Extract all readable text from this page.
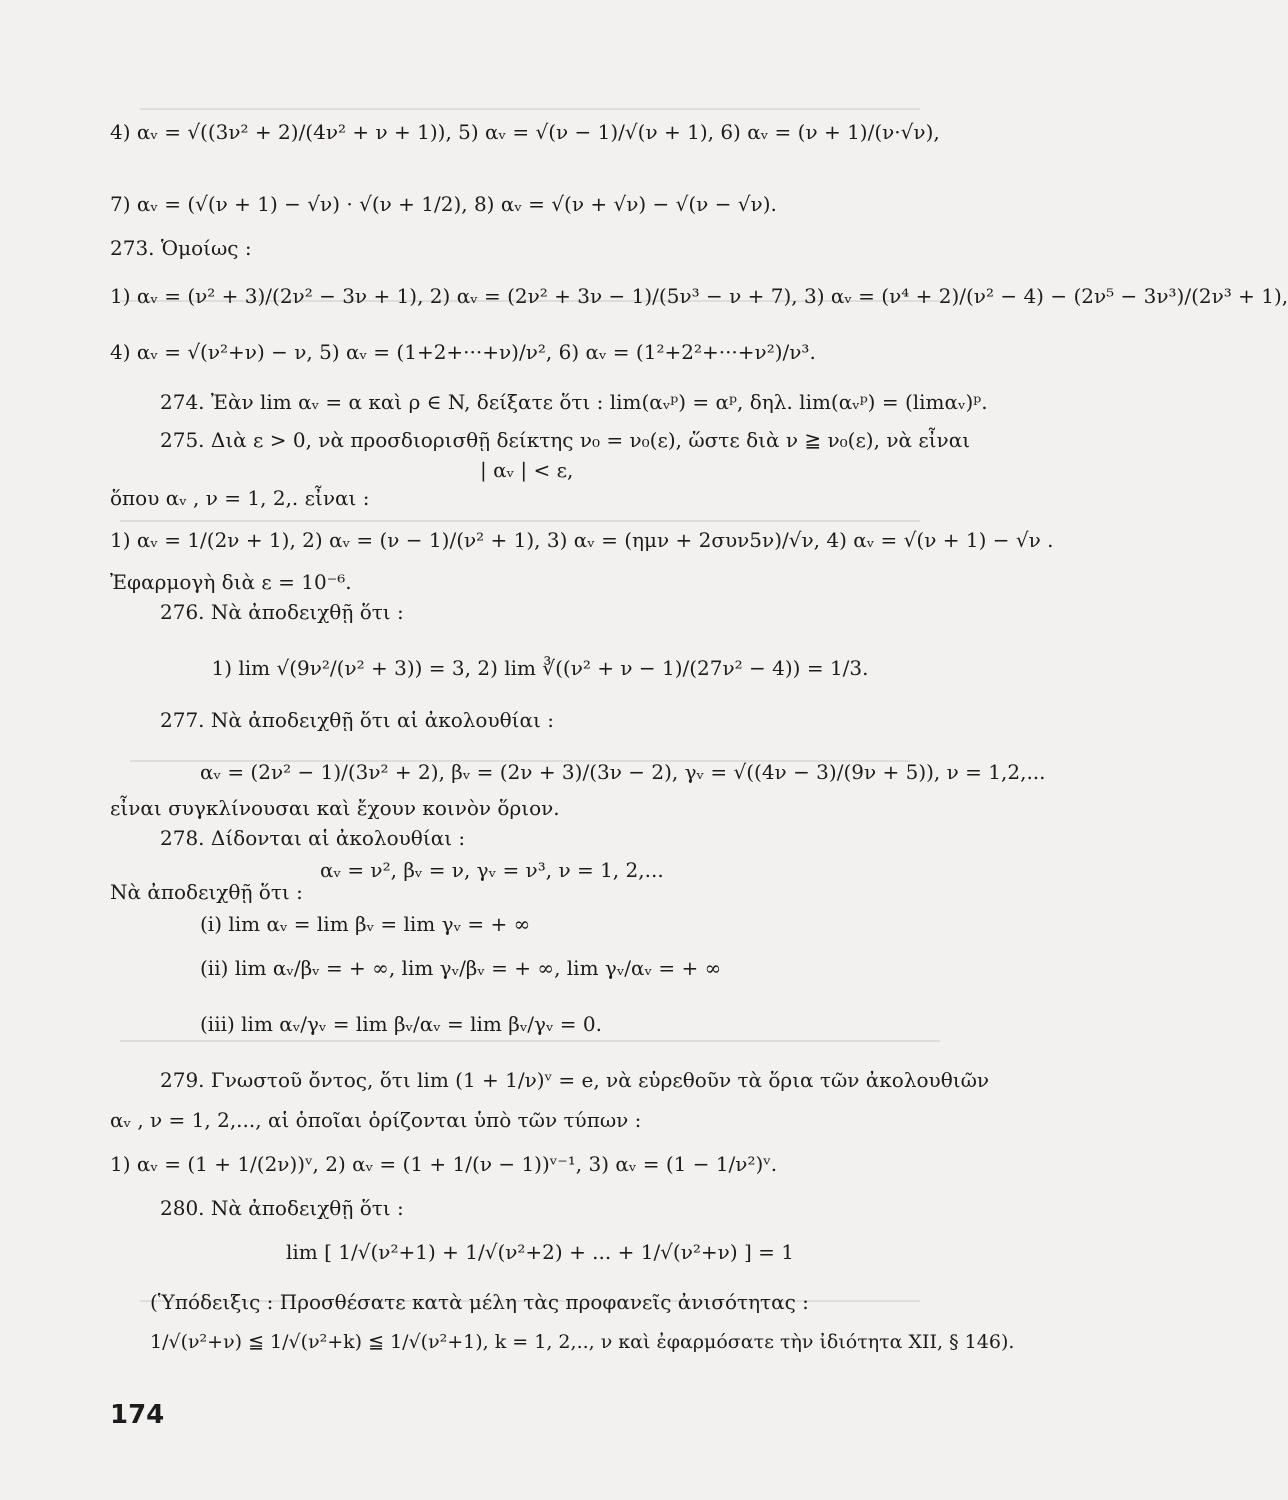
4) αᵥ = √((3ν² + 2)/(4ν² + ν + 1)), 5) αᵥ = √(ν − 1)/√(ν + 1), 6) αᵥ = (ν + 1)/(ν·√ν),
7) αᵥ = (√(ν + 1) − √ν) · √(ν + 1/2), 8) αᵥ = √(ν + √ν) − √(ν − √ν).
273. Ὁμοίως :
1) αᵥ = (ν² + 3)/(2ν² − 3ν + 1), 2) αᵥ = (2ν² + 3ν − 1)/(5ν³ − ν + 7), 3) αᵥ = (ν⁴ + 2)/(ν² − 4) − (2ν⁵ − 3ν³)/(2ν³ + 1),
4) αᵥ = √(ν²+ν) − ν, 5) αᵥ = (1+2+···+ν)/ν², 6) αᵥ = (1²+2²+···+ν²)/ν³.
274. Ἐὰν lim αᵥ = α καὶ ρ ∈ N, δείξατε ὅτι : lim(αᵥᵖ) = αᵖ, δηλ. lim(αᵥᵖ) = (limαᵥ)ᵖ.
275. Διὰ ε > 0, νὰ προσδιορισθῇ δείκτης ν₀ = ν₀(ε), ὥστε διὰ ν ≧ ν₀(ε), νὰ εἶναι
| αᵥ | < ε,
ὅπου αᵥ , ν = 1, 2,. εἶναι :
1) αᵥ = 1/(2ν + 1), 2) αᵥ = (ν − 1)/(ν² + 1), 3) αᵥ = (ημν + 2συν5ν)/√ν, 4) αᵥ = √(ν + 1) − √ν .
Ἐφαρμογὴ διὰ ε = 10⁻⁶.
276. Νὰ ἀποδειχθῇ ὅτι :
1) lim √(9ν²/(ν² + 3)) = 3, 2) lim ∛((ν² + ν − 1)/(27ν² − 4)) = 1/3.
277. Νὰ ἀποδειχθῇ ὅτι αἱ ἀκολουθίαι :
αᵥ = (2ν² − 1)/(3ν² + 2), βᵥ = (2ν + 3)/(3ν − 2), γᵥ = √((4ν − 3)/(9ν + 5)), ν = 1,2,...
εἶναι συγκλίνουσαι καὶ ἔχουν κοινὸν ὅριον.
278. Δίδονται αἱ ἀκολουθίαι :
αᵥ = ν², βᵥ = ν, γᵥ = ν³, ν = 1, 2,...
Νὰ ἀποδειχθῇ ὅτι :
(i) lim αᵥ = lim βᵥ = lim γᵥ = + ∞
(ii) lim αᵥ/βᵥ = + ∞, lim γᵥ/βᵥ = + ∞, lim γᵥ/αᵥ = + ∞
(iii) lim αᵥ/γᵥ = lim βᵥ/αᵥ = lim βᵥ/γᵥ = 0.
279. Γνωστοῦ ὄντος, ὅτι lim (1 + 1/ν)ᵛ = e, νὰ εὑρεθοῦν τὰ ὅρια τῶν ἀκολουθιῶν
αᵥ , ν = 1, 2,..., αἱ ὁποῖαι ὁρίζονται ὑπὸ τῶν τύπων :
1) αᵥ = (1 + 1/(2ν))ᵛ, 2) αᵥ = (1 + 1/(ν − 1))ᵛ⁻¹, 3) αᵥ = (1 − 1/ν²)ᵛ.
280. Νὰ ἀποδειχθῇ ὅτι :
lim [ 1/√(ν²+1) + 1/√(ν²+2) + ... + 1/√(ν²+ν) ] = 1
(Ὑπόδειξις : Προσθέσατε κατὰ μέλη τὰς προφανεῖς ἀνισότητας :
1/√(ν²+ν) ≦ 1/√(ν²+k) ≦ 1/√(ν²+1), k = 1, 2,.., ν καὶ ἐφαρμόσατε τὴν ἰδιότητα XII, § 146).
174
